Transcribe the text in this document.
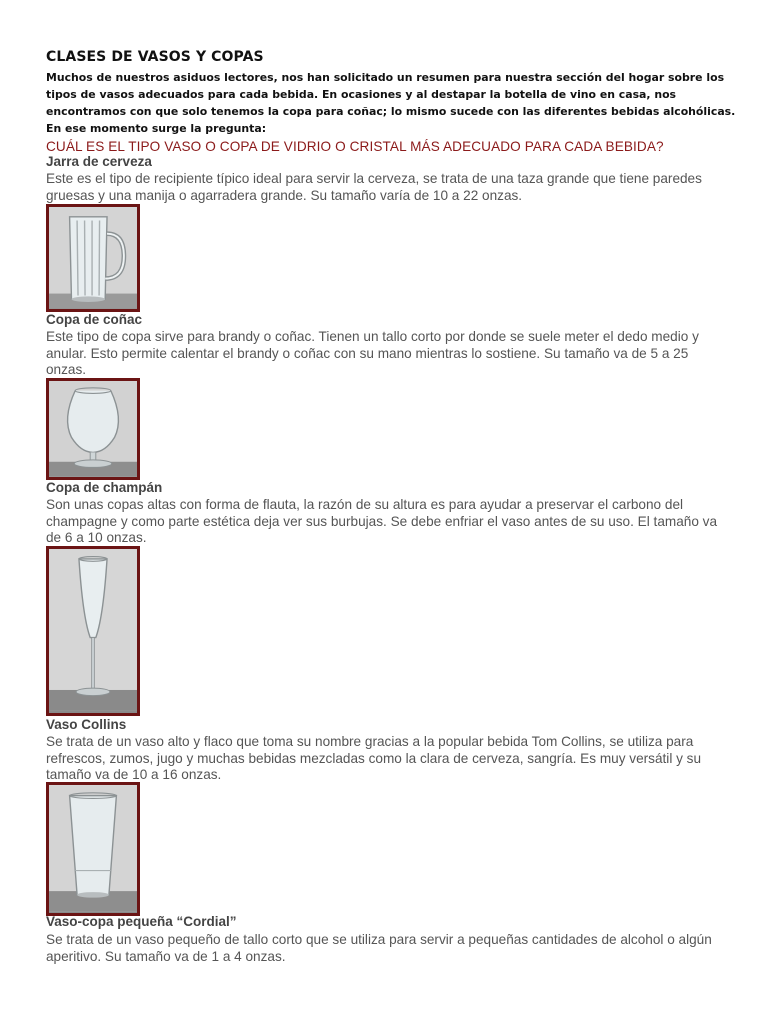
CLASES DE VASOS Y COPAS
Muchos de nuestros asiduos lectores, nos han solicitado un resumen para nuestra sección del hogar sobre los tipos de vasos adecuados para cada bebida. En ocasiones y al destapar la botella de vino en casa, nos encontramos con que solo tenemos la copa para coñac; lo mismo sucede con las diferentes bebidas alcohólicas. En ese momento surge la pregunta:
CUÁL ES EL TIPO VASO O COPA DE VIDRIO O CRISTAL MÁS ADECUADO PARA CADA BEBIDA?
Jarra de cerveza
Este es el tipo de recipiente típico ideal para servir la cerveza, se trata de una taza grande que tiene paredes gruesas y una manija o agarradera grande. Su tamaño varía de 10 a 22 onzas.
Copa de coñac
Este tipo de copa sirve para brandy o coñac. Tienen un tallo corto por donde se suele meter el dedo medio y anular. Esto permite calentar el brandy o coñac con su mano mientras lo sostiene. Su tamaño va de 5 a 25 onzas.
Copa de champán
Son unas copas altas con forma de flauta, la razón de su altura es para ayudar a preservar el carbono del champagne y como parte estética deja ver sus burbujas. Se debe enfriar el vaso antes de su uso. El tamaño va de 6 a 10 onzas.
Vaso Collins
Se trata de un vaso alto y flaco que toma su nombre gracias a la popular bebida Tom Collins, se utiliza para refrescos, zumos, jugo y muchas bebidas mezcladas como la clara de cerveza, sangría. Es muy versátil y su tamaño va de 10 a 16 onzas.
Vaso-copa pequeña “Cordial”
Se trata de un vaso pequeño de tallo corto que se utiliza para servir a pequeñas cantidades de alcohol o algún aperitivo. Su tamaño va de 1 a 4 onzas.
